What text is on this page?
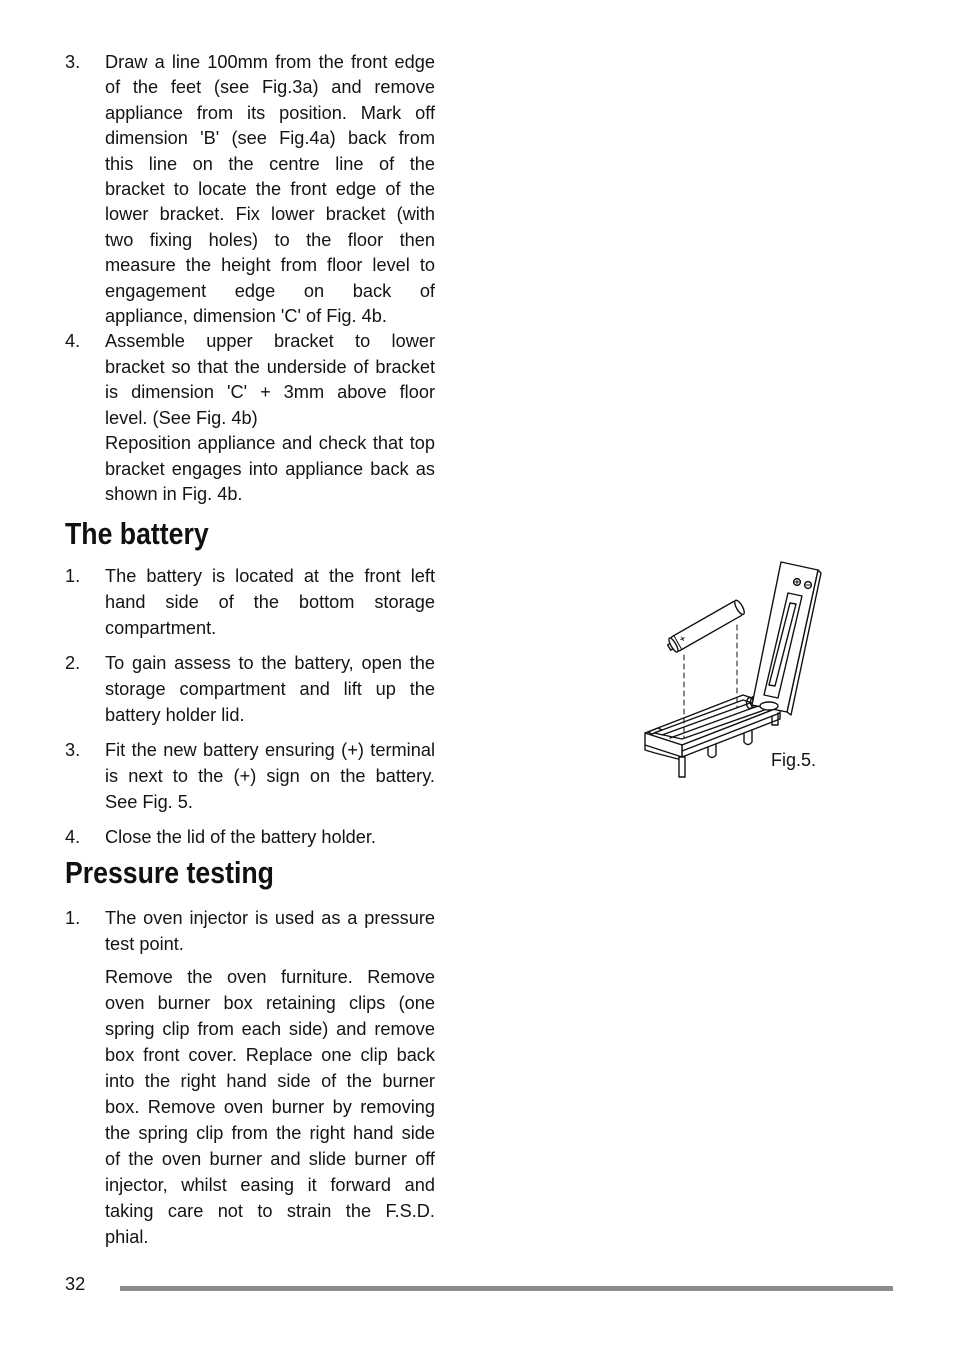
3.	Draw a line 100mm from the front edge
of the feet (see Fig.3a) and remove
appliance from its position. Mark off
dimension 'B' (see Fig.4a) back from
this line on the centre line of the
bracket to locate the front edge of the
lower bracket. Fix lower bracket (with
two fixing holes) to the floor then
measure the height from floor level to
engagement edge on back of
appliance, dimension 'C' of Fig. 4b.
4.	Assemble upper bracket to lower
bracket so that the underside of bracket
is dimension 'C' + 3mm above floor
level. (See Fig. 4b)
Reposition appliance and check that top
bracket engages into appliance back as
shown in Fig. 4b.
The battery
1.	The battery is located at the front left
hand side of the bottom storage
compartment.
2.	To gain assess to the battery, open the
storage compartment and lift up the
battery holder lid.
3.	Fit the new battery ensuring (+) terminal
is next to the (+) sign on the battery.
See Fig. 5.
4.	Close the lid of the battery holder.
Pressure testing
1.	The oven injector is used as a pressure
test point.
Remove the oven furniture. Remove
oven burner box retaining clips (one
spring clip from each side) and remove
box front cover. Replace one clip back
into the right hand side of the burner
box. Remove oven burner by removing
the spring clip from the right hand side
of the oven burner and slide burner off
injector, whilst easing it forward and
taking care not to strain the F.S.D.
phial.
Fig.5.
32
